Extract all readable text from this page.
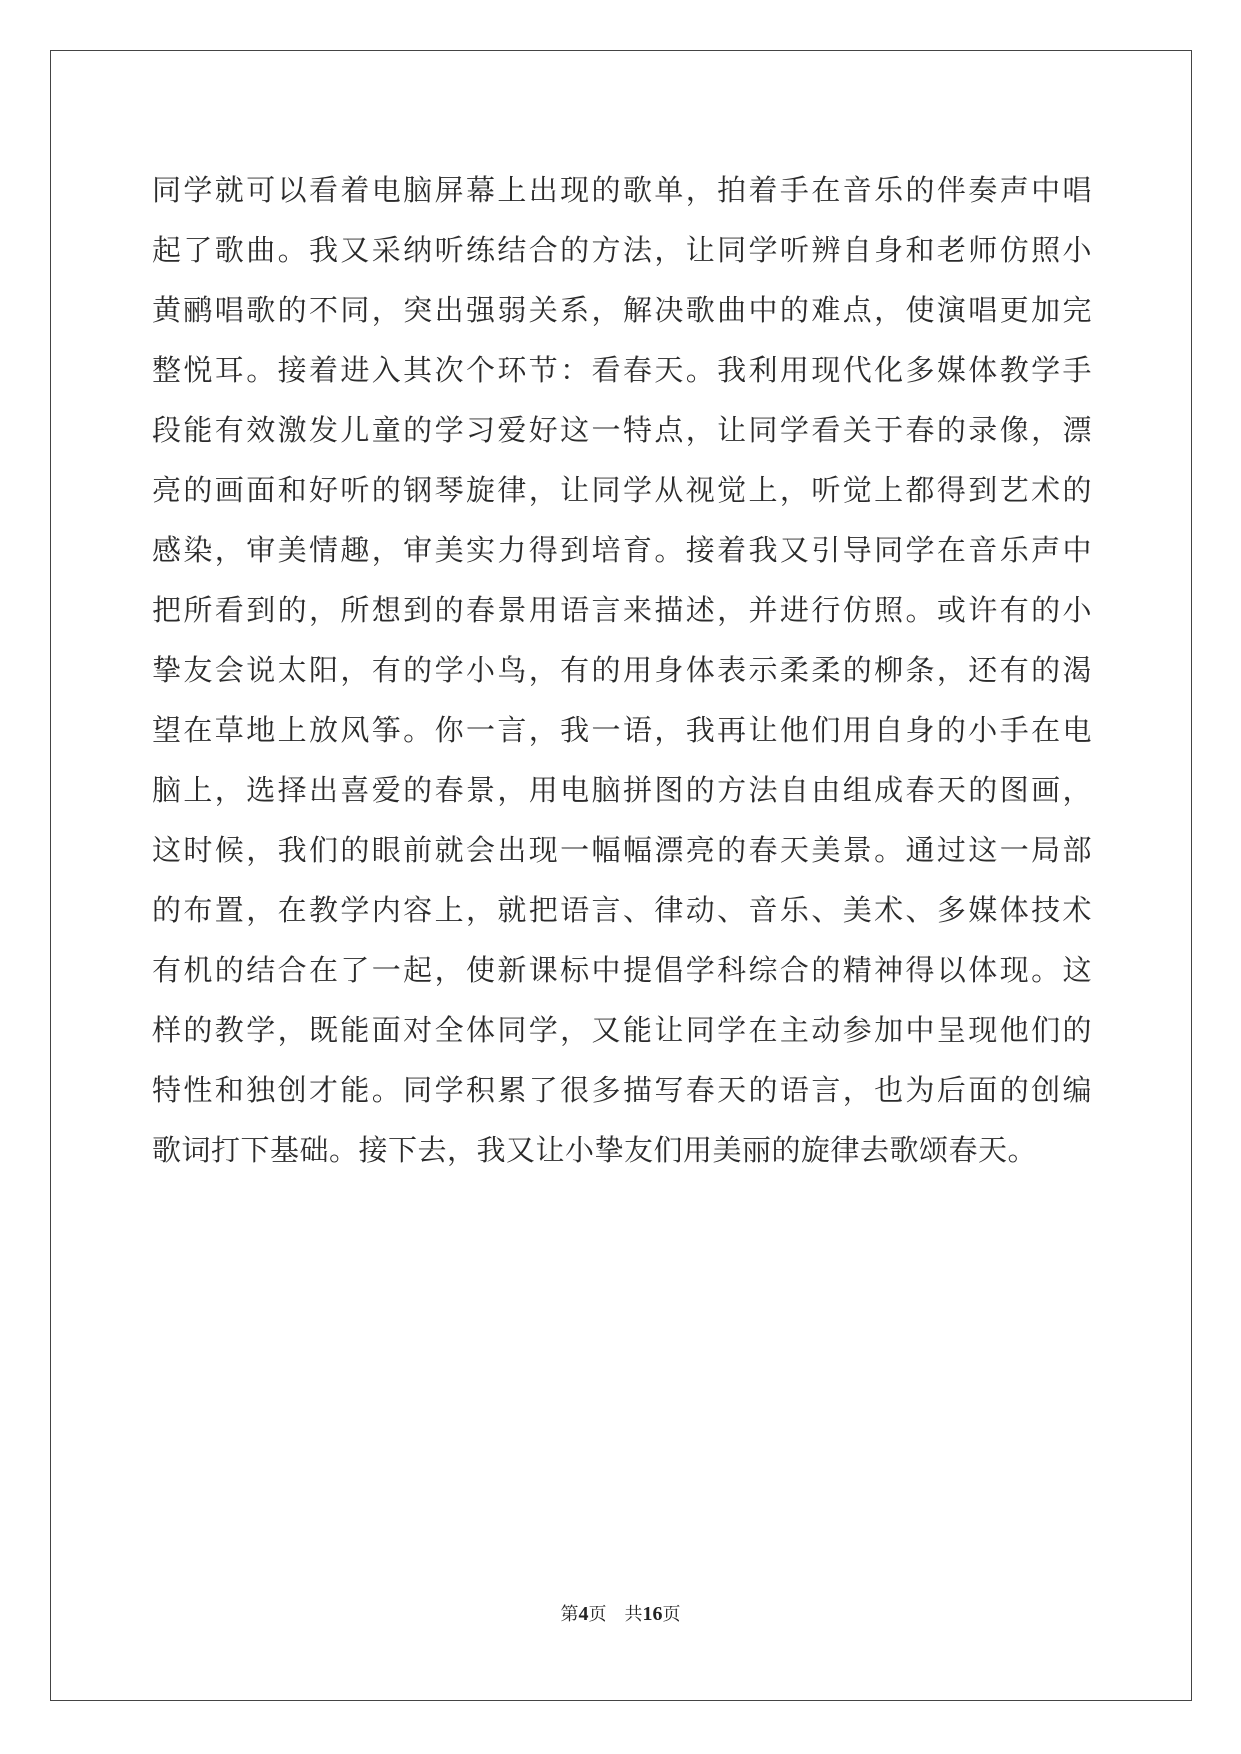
同学就可以看着电脑屏幕上出现的歌单，拍着手在音乐的伴奏声中唱
起了歌曲。我又采纳听练结合的方法，让同学听辨自身和老师仿照小
黄鹂唱歌的不同，突出强弱关系，解决歌曲中的难点，使演唱更加完
整悦耳。接着进入其次个环节：看春天。我利用现代化多媒体教学手
段能有效激发儿童的学习爱好这一特点，让同学看关于春的录像，漂
亮的画面和好听的钢琴旋律，让同学从视觉上，听觉上都得到艺术的
感染，审美情趣，审美实力得到培育。接着我又引导同学在音乐声中
把所看到的，所想到的春景用语言来描述，并进行仿照。或许有的小
挚友会说太阳，有的学小鸟，有的用身体表示柔柔的柳条，还有的渴
望在草地上放风筝。你一言，我一语，我再让他们用自身的小手在电
脑上，选择出喜爱的春景，用电脑拼图的方法自由组成春天的图画，
这时候，我们的眼前就会出现一幅幅漂亮的春天美景。通过这一局部
的布置，在教学内容上，就把语言、律动、音乐、美术、多媒体技术
有机的结合在了一起，使新课标中提倡学科综合的精神得以体现。这
样的教学，既能面对全体同学，又能让同学在主动参加中呈现他们的
特性和独创才能。同学积累了很多描写春天的语言，也为后面的创编
歌词打下基础。接下去，我又让小挚友们用美丽的旋律去歌颂春天。
第4页 共16页
